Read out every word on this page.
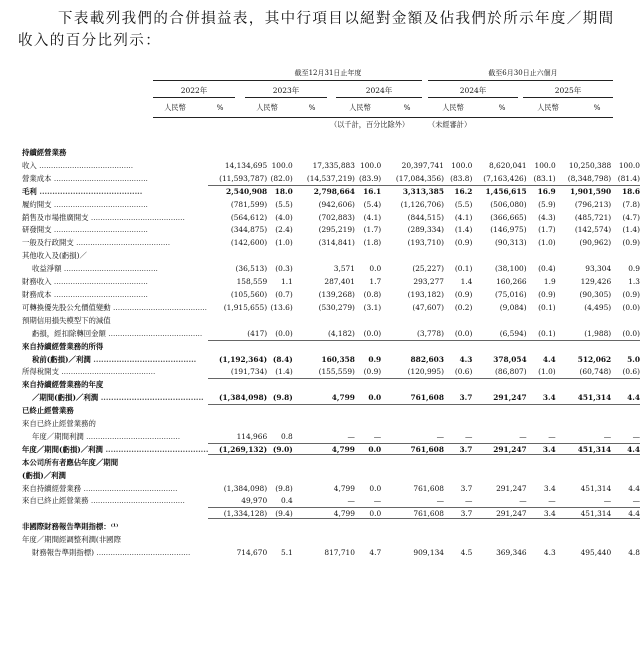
下表載列我們的合併損益表，其中行項目以絕對金額及佔我們於所示年度／期間收入的百分比列示：
截至12月31日止年度	截至6月30日止六個月
2022年	2023年	2024年	2024年	2025年
人民幣	%	人民幣	%	人民幣	%	人民幣	%	人民幣	%
（以千計，百分比除外）	（未經審計）
持續經營業務										
收入 ........................................	14,134,695	100.0	17,335,883	100.0	20,397,741	100.0	8,620,041	100.0	10,250,388	100.0
營業成本 ........................................	(11,593,787)	(82.0)	(14,537,219)	(83.9)	(17,084,356)	(83.8)	(7,163,426)	(83.1)	(8,348,798)	(81.4)
毛利 ........................................	2,540,908	18.0	2,798,664	16.1	3,313,385	16.2	1,456,615	16.9	1,901,590	18.6
履約開支 ........................................	(781,599)	(5.5)	(942,606)	(5.4)	(1,126,706)	(5.5)	(506,080)	(5.9)	(796,213)	(7.8)
銷售及市場推廣開支 ........................................	(564,612)	(4.0)	(702,883)	(4.1)	(844,515)	(4.1)	(366,665)	(4.3)	(485,721)	(4.7)
研發開支 ........................................	(344,875)	(2.4)	(295,219)	(1.7)	(289,334)	(1.4)	(146,975)	(1.7)	(142,574)	(1.4)
一般及行政開支 ........................................	(142,600)	(1.0)	(314,841)	(1.8)	(193,710)	(0.9)	(90,313)	(1.0)	(90,962)	(0.9)
其他收入及(虧損)／										
收益淨額 ........................................	(36,513)	(0.3)	3,571	0.0	(25,227)	(0.1)	(38,100)	(0.4)	93,304	0.9
財務收入 ........................................	158,559	1.1	287,401	1.7	293,277	1.4	160,266	1.9	129,426	1.3
財務成本 ........................................	(105,560)	(0.7)	(139,268)	(0.8)	(193,182)	(0.9)	(75,016)	(0.9)	(90,305)	(0.9)
可轉換優先股公允價值變動 ........................................	(1,915,655)	(13.6)	(530,279)	(3.1)	(47,607)	(0.2)	(9,084)	(0.1)	(4,495)	(0.0)
預期信用損失模型下的減值										
虧損，經扣除轉回金額 ........................................	(417)	(0.0)	(4,182)	(0.0)	(3,778)	(0.0)	(6,594)	(0.1)	(1,988)	(0.0)
來自持續經營業務的所得										
稅前(虧損)／利潤 ........................................	(1,192,364)	(8.4)	160,358	0.9	882,603	4.3	378,054	4.4	512,062	5.0
所得稅開支 ........................................	(191,734)	(1.4)	(155,559)	(0.9)	(120,995)	(0.6)	(86,807)	(1.0)	(60,748)	(0.6)
來自持續經營業務的年度										
／期間(虧損)／利潤 ........................................	(1,384,098)	(9.8)	4,799	0.0	761,608	3.7	291,247	3.4	451,314	4.4
已終止經營業務										
來自已終止經營業務的										
年度／期間利潤 ........................................	114,966	0.8	—	—	—	—	—	—	—	—
年度／期間(虧損)／利潤 ........................................	(1,269,132)	(9.0)	4,799	0.0	761,608	3.7	291,247	3.4	451,314	4.4
本公司所有者應佔年度／期間										
(虧損)／利潤										
來自持續經營業務 ........................................	(1,384,098)	(9.8)	4,799	0.0	761,608	3.7	291,247	3.4	451,314	4.4
來自已終止經營業務 ........................................	49,970	0.4	—	—	—	—	—	—	—	—
	(1,334,128)	(9.4)	4,799	0.0	761,608	3.7	291,247	3.4	451,314	4.4
非國際財務報告準則指標：⁽¹⁾										
年度／期間經調整利潤(非國際										
財務報告準則指標) ........................................	714,670	5.1	817,710	4.7	909,134	4.5	369,346	4.3	495,440	4.8
